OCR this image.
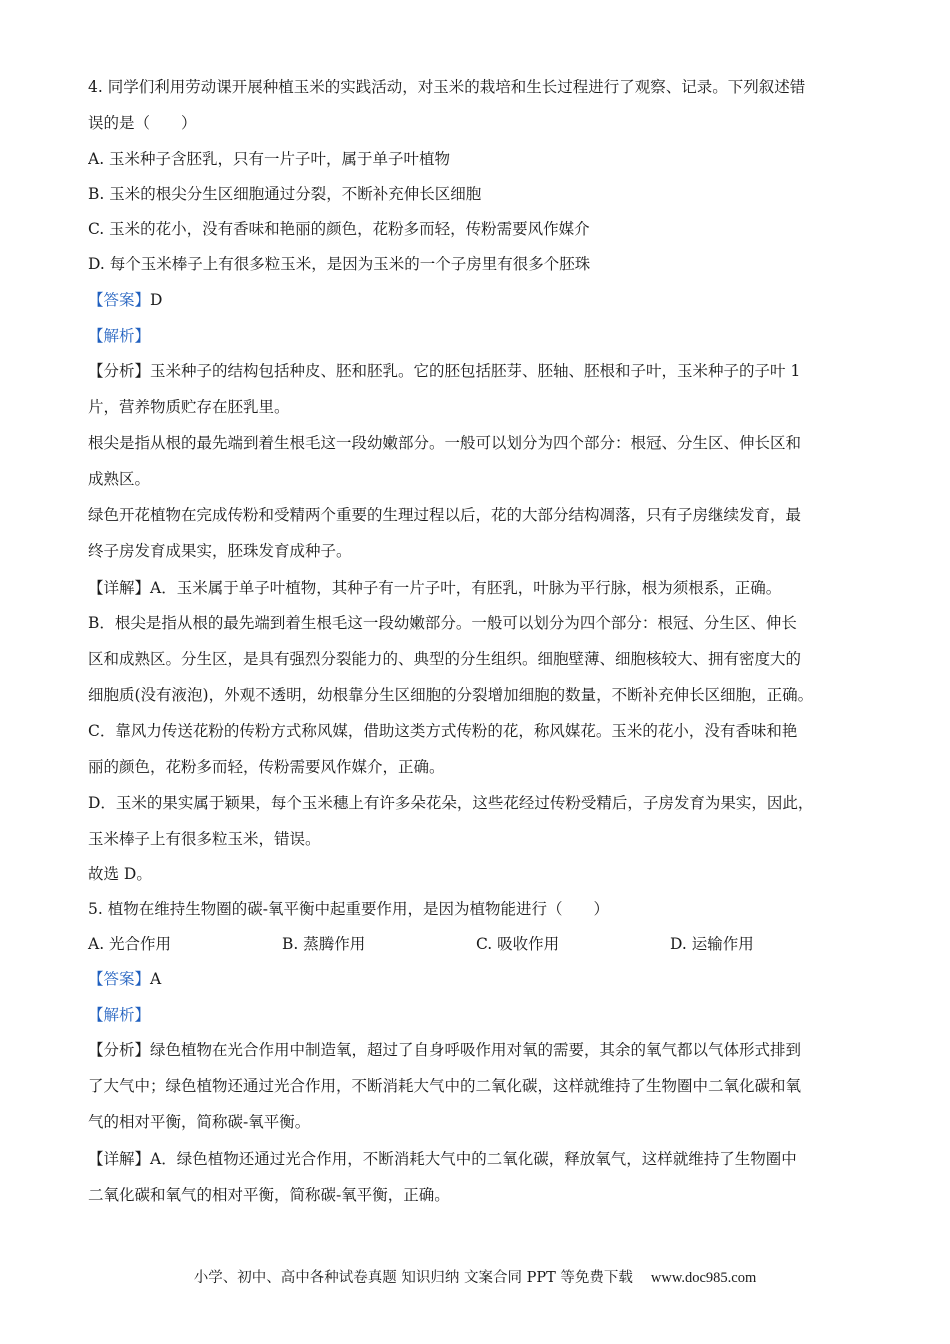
4. 同学们利用劳动课开展种植玉米的实践活动，对玉米的栽培和生长过程进行了观察、记录。下列叙述错
误的是（　　）
A. 玉米种子含胚乳，只有一片子叶，属于单子叶植物
B. 玉米的根尖分生区细胞通过分裂，不断补充伸长区细胞
C. 玉米的花小，没有香味和艳丽的颜色，花粉多而轻，传粉需要风作媒介
D. 每个玉米棒子上有很多粒玉米，是因为玉米的一个子房里有很多个胚珠
【答案】D
【解析】
【分析】玉米种子的结构包括种皮、胚和胚乳。它的胚包括胚芽、胚轴、胚根和子叶，玉米种子的子叶 1
片，营养物质贮存在胚乳里。
根尖是指从根的最先端到着生根毛这一段幼嫩部分。一般可以划分为四个部分：根冠、分生区、伸长区和
成熟区。
绿色开花植物在完成传粉和受精两个重要的生理过程以后，花的大部分结构凋落，只有子房继续发育，最
终子房发育成果实，胚珠发育成种子。
【详解】A．玉米属于单子叶植物，其种子有一片子叶，有胚乳，叶脉为平行脉，根为须根系，正确。
B．根尖是指从根的最先端到着生根毛这一段幼嫩部分。一般可以划分为四个部分：根冠、分生区、伸长
区和成熟区。分生区，是具有强烈分裂能力的、典型的分生组织。细胞壁薄、细胞核较大、拥有密度大的
细胞质(没有液泡)，外观不透明，幼根靠分生区细胞的分裂增加细胞的数量，不断补充伸长区细胞，正确。
C．靠风力传送花粉的传粉方式称风媒，借助这类方式传粉的花，称风媒花。玉米的花小，没有香味和艳
丽的颜色，花粉多而轻，传粉需要风作媒介，正确。
D．玉米的果实属于颖果，每个玉米穗上有许多朵花朵，这些花经过传粉受精后，子房发育为果实，因此，
玉米棒子上有很多粒玉米，错误。
故选 D。
5. 植物在维持生物圈的碳-氧平衡中起重要作用，是因为植物能进行（　　）
A. 光合作用	B. 蒸腾作用	C. 吸收作用	D. 运输作用
【答案】A
【解析】
【分析】绿色植物在光合作用中制造氧，超过了自身呼吸作用对氧的需要，其余的氧气都以气体形式排到
了大气中；绿色植物还通过光合作用，不断消耗大气中的二氧化碳，这样就维持了生物圈中二氧化碳和氧
气的相对平衡，简称碳-氧平衡。
【详解】A．绿色植物还通过光合作用，不断消耗大气中的二氧化碳，释放氧气，这样就维持了生物圈中
二氧化碳和氧气的相对平衡，简称碳-氧平衡，正确。
小学、初中、高中各种试卷真题 知识归纳 文案合同 PPT 等免费下载 www.doc985.com
